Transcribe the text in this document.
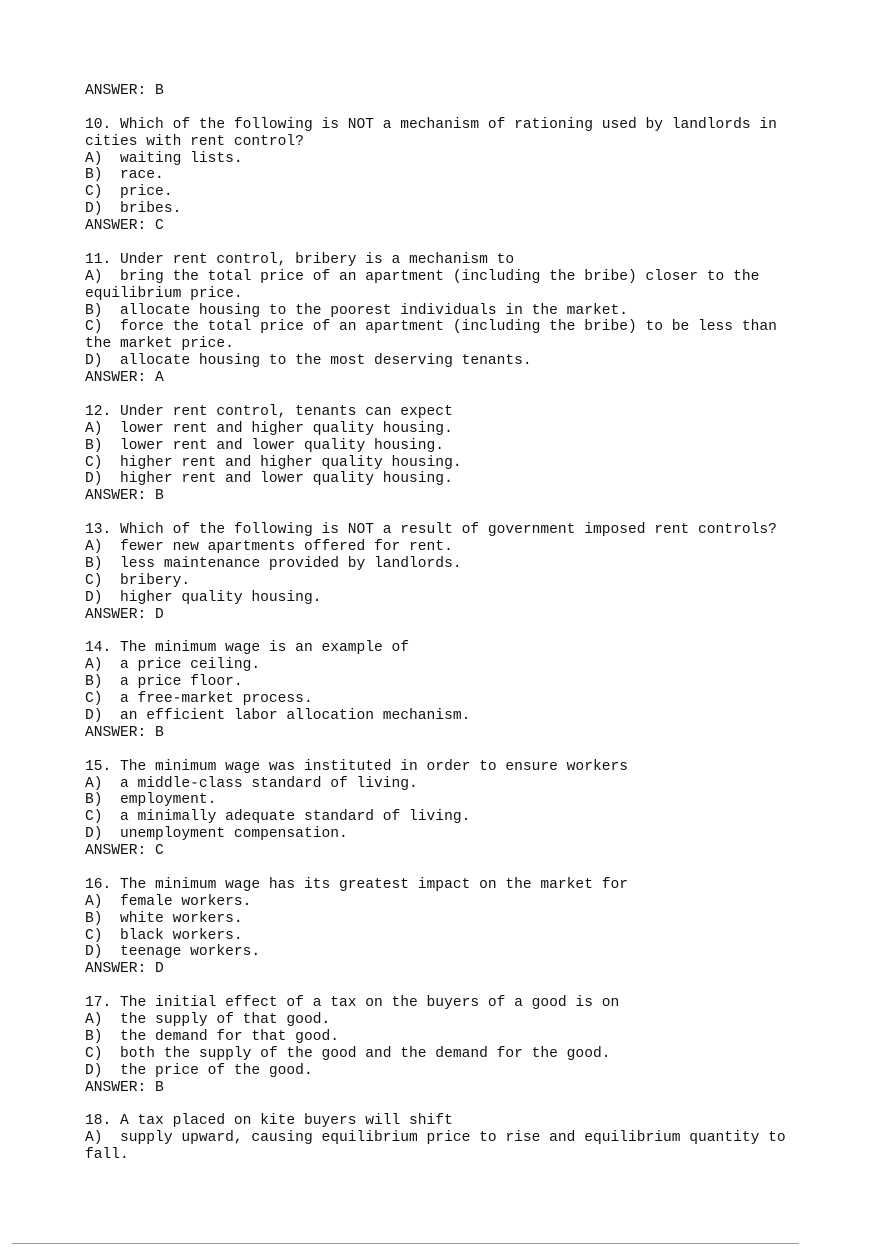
ANSWER: B
10. Which of the following is NOT a mechanism of rationing used by landlords in
cities with rent control?
A)  waiting lists.
B)  race.
C)  price.
D)  bribes.
ANSWER: C
11. Under rent control, bribery is a mechanism to
A)  bring the total price of an apartment (including the bribe) closer to the
equilibrium price.
B)  allocate housing to the poorest individuals in the market.
C)  force the total price of an apartment (including the bribe) to be less than
the market price.
D)  allocate housing to the most deserving tenants.
ANSWER: A
12. Under rent control, tenants can expect
A)  lower rent and higher quality housing.
B)  lower rent and lower quality housing.
C)  higher rent and higher quality housing.
D)  higher rent and lower quality housing.
ANSWER: B
13. Which of the following is NOT a result of government imposed rent controls?
A)  fewer new apartments offered for rent.
B)  less maintenance provided by landlords.
C)  bribery.
D)  higher quality housing.
ANSWER: D
14. The minimum wage is an example of
A)  a price ceiling.
B)  a price floor.
C)  a free-market process.
D)  an efficient labor allocation mechanism.
ANSWER: B
15. The minimum wage was instituted in order to ensure workers
A)  a middle-class standard of living.
B)  employment.
C)  a minimally adequate standard of living.
D)  unemployment compensation.
ANSWER: C
16. The minimum wage has its greatest impact on the market for
A)  female workers.
B)  white workers.
C)  black workers.
D)  teenage workers.
ANSWER: D
17. The initial effect of a tax on the buyers of a good is on
A)  the supply of that good.
B)  the demand for that good.
C)  both the supply of the good and the demand for the good.
D)  the price of the good.
ANSWER: B
18. A tax placed on kite buyers will shift
A)  supply upward, causing equilibrium price to rise and equilibrium quantity to
fall.
